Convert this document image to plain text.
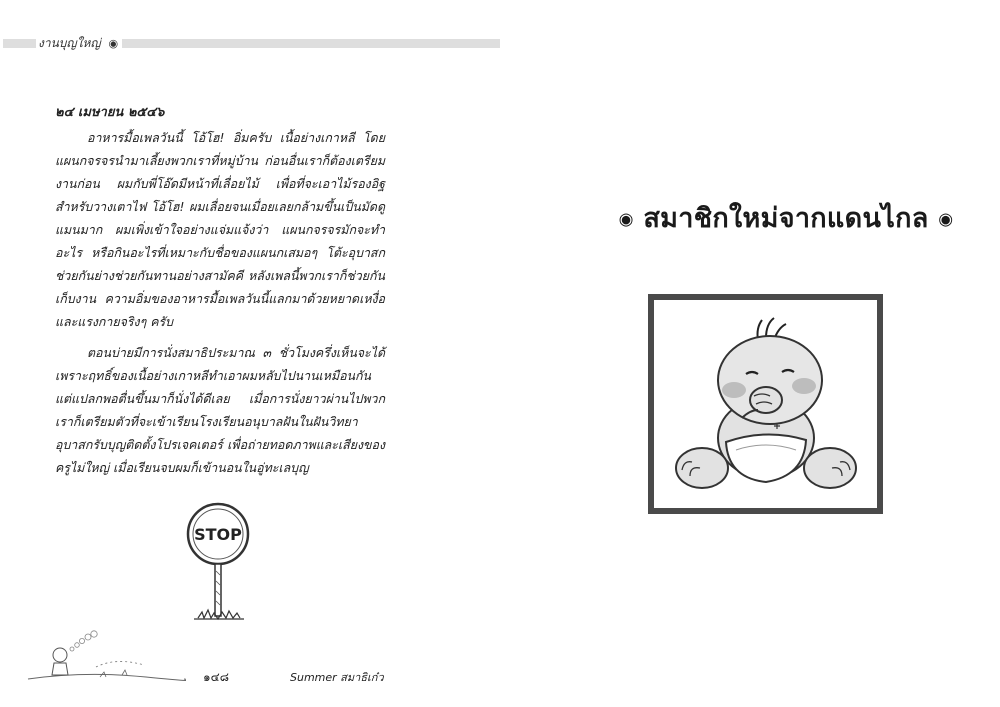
งานบุญใหญ่ ◉
๒๔ เมษายน ๒๕๔๖

อาหารมื้อเพลวันนี้ โอ้โฮ! อิ่มครับ เนื้อย่างเกาหลี โดยแผนกจรจรนำมาเลี้ยงพวกเราที่หมู่บ้าน ก่อนอื่นเราก็ต้องเตรียมงานก่อน ผมกับพี่โอ๊ดมีหน้าที่เลื่อยไม้ เพื่อที่จะเอาไม้รองอิฐสำหรับวางเตาไฟ โอ้โฮ! ผมเลื่อยจนเมื่อยเลยกล้ามขึ้นเป็นมัดดูแมนมาก ผมเพิ่งเข้าใจอย่างแจ่มแจ้งว่า แผนกจรจรมักจะทำอะไร หรือกินอะไรที่เหมาะกับชื่อของแผนกเสมอๆ โต้ะอุบาสกช่วยกันย่างช่วยกันทานอย่างสามัคคี หลังเพลนี้พวกเราก็ช่วยกันเก็บงาน ความอิ่มของอาหารมื้อเพลวันนี้แลกมาด้วยหยาดเหงื่อและแรงกายจริงๆ ครับ

ตอนบ่ายมีการนั่งสมาธิประมาณ ๓ ชั่วโมงครึ่งเห็นจะได้ เพราะฤทธิ์ของเนื้อย่างเกาหลีทำเอาผมหลับไปนานเหมือนกัน แต่แปลกพอตื่นขึ้นมาก็นั่งได้ดีเลย เมื่อการนั่งยาวผ่านไปพวกเราก็เตรียมตัวที่จะเข้าเรียนโรงเรียนอนุบาลฝันในฝันวิทยา อุบาสกรับบุญติดตั้งโปรเจคเตอร์ เพื่อถ่ายทอดภาพและเสียงของครูไม่ใหญ่ เมื่อเรียนจบผมก็เข้านอนในอู่ทะเลบุญ

STOP
๑๔๘	Summer สมาธิเก๋ว
◉ สมาชิกใหม่จากแดนไกล ◉
